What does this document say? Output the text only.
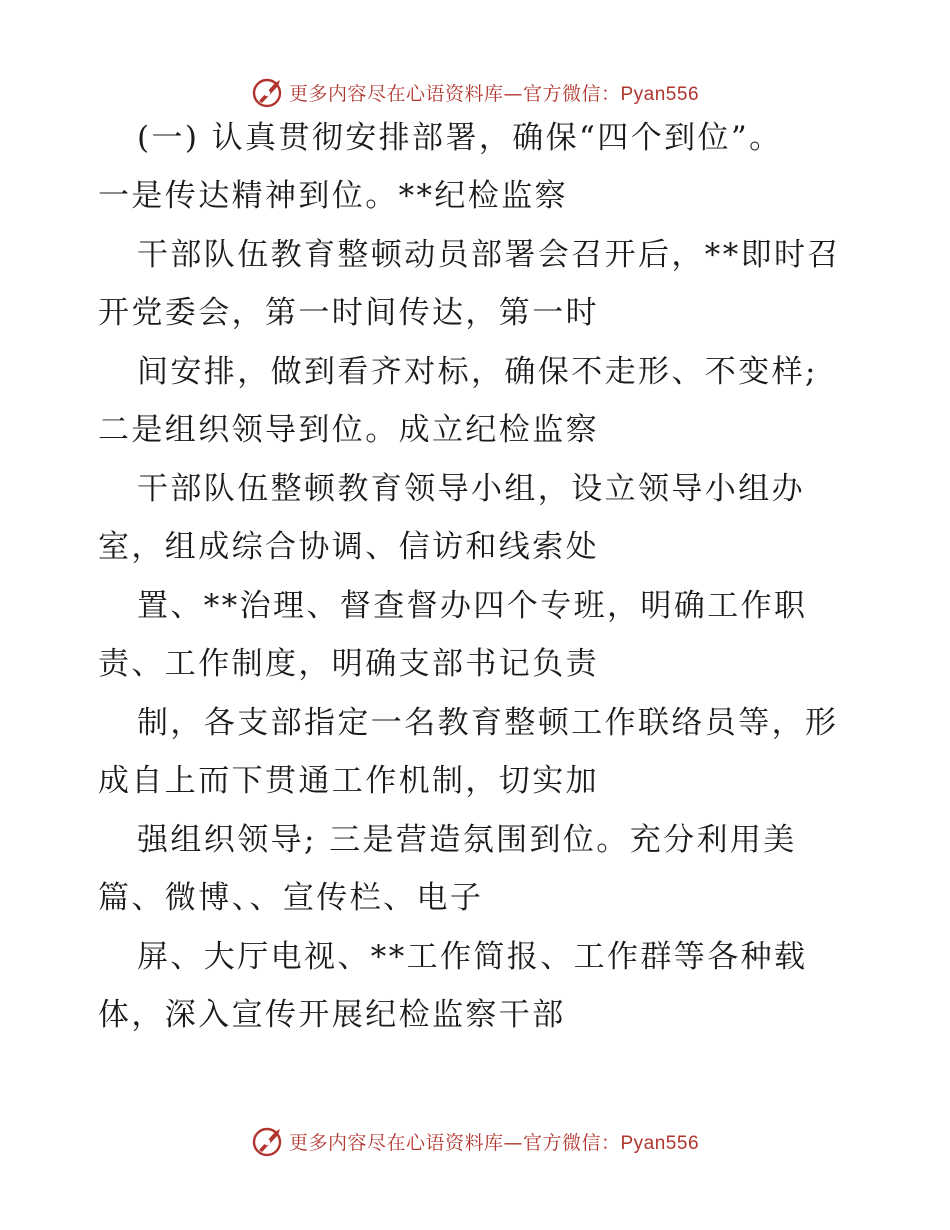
更多内容尽在心语资料库—官方微信：Pyan556
(一) 认真贯彻安排部署，确保“四个到位”。
一是传达精神到位。**纪检监察
干部队伍教育整顿动员部署会召开后，**即时召
开党委会，第一时间传达，第一时
间安排，做到看齐对标，确保不走形、不变样;
二是组织领导到位。成立纪检监察
干部队伍整顿教育领导小组，设立领导小组办
室，组成综合协调、信访和线索处
置、**治理、督查督办四个专班，明确工作职
责、工作制度，明确支部书记负责
制，各支部指定一名教育整顿工作联络员等，形
成自上而下贯通工作机制，切实加
强组织领导; 三是营造氛围到位。充分利用美
篇、微博、、宣传栏、电子
屏、大厅电视、**工作简报、工作群等各种载
体，深入宣传开展纪检监察干部
更多内容尽在心语资料库—官方微信：Pyan556
